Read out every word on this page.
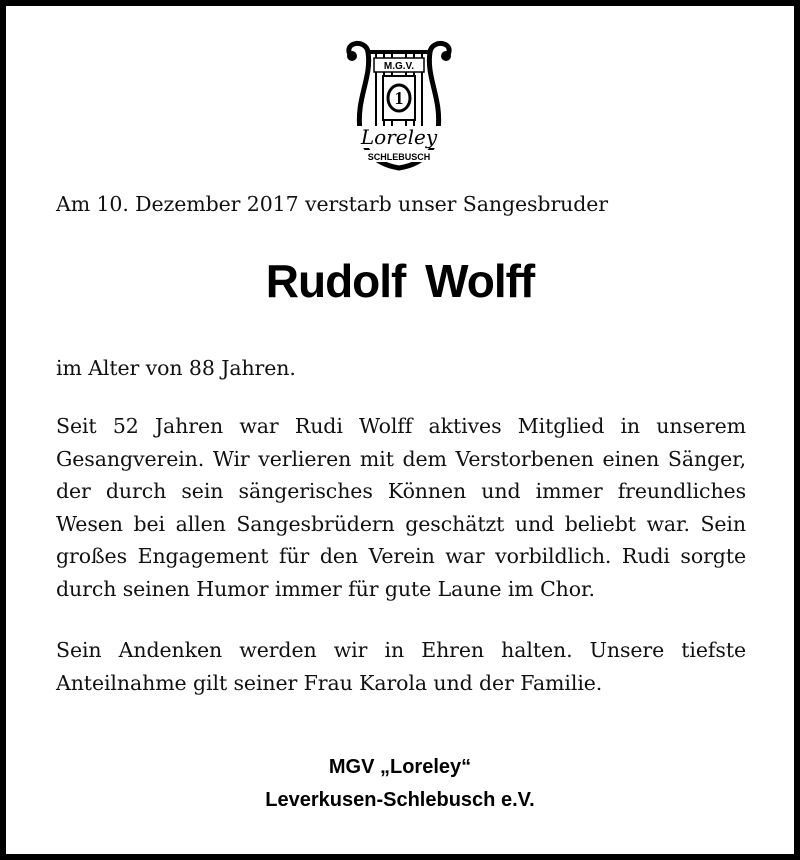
M.G.V.
1
Loreley
SCHLEBUSCH
Am 10. Dezember 2017 verstarb unser Sangesbruder
Rudolf Wolff
im Alter von 88 Jahren.
Seit 52 Jahren war Rudi Wolff aktives Mitglied in unserem Gesangverein. Wir verlieren mit dem Verstorbenen einen Sänger, der durch sein sängerisches Können und immer freundliches Wesen bei allen Sangesbrüdern geschätzt und beliebt war. Sein großes Engagement für den Verein war vorbildlich. Rudi sorgte durch seinen Humor immer für gute Laune im Chor.
Sein Andenken werden wir in Ehren halten. Unsere tiefste Anteilnahme gilt seiner Frau Karola und der Familie.
MGV „Loreley“
Leverkusen-Schlebusch e.V.
